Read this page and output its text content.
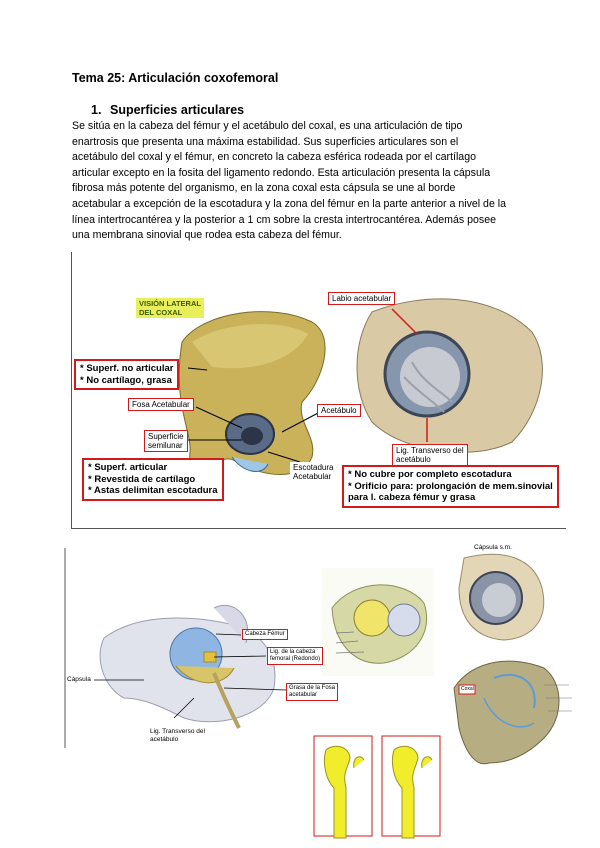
Tema 25: Articulación coxofemoral
1. Superficies articulares
Se sitúa en la cabeza del fémur y el acetábulo del coxal, es una articulación de tipo
enartrosis que presenta una máxima estabilidad. Sus superficies articulares son el
acetábulo del coxal y el fémur, en concreto la cabeza esférica rodeada por el cartílago
articular excepto en la fosita del ligamento redondo. Esta articulación presenta la cápsula
fibrosa más potente del organismo, en la zona coxal esta cápsula se une al borde
acetabular a excepción de la escotadura y la zona del fémur en la parte anterior a nivel de la
línea intertrocantérea y la posterior a 1 cm sobre la cresta intertrocantérea. Además posee
una membrana sinovial que rodea esta cabeza del fémur.
VISIÓN LATERAL
DEL COXAL
* Superf. no articular
* No cartílago, grasa
Fosa Acetabular
Superficie
semilunar
* Superf. articular
* Revestida de cartílago
* Astas delimitan escotadura
Acetábulo
Escotadura
Acetabular
Labio acetabular
Lig. Transverso del
acetábulo
* No cubre por completo escotadura
* Orificio para: prolongación de mem.sinovial
para l. cabeza fémur y grasa
Cabeza Fémur
Lig. de la cabeza
femoral (Redondo)
Cápsula
Grasa de la Fosa
acetabular
Lig. Transverso del
acetábulo
Cápsula s.m.
Coxal
